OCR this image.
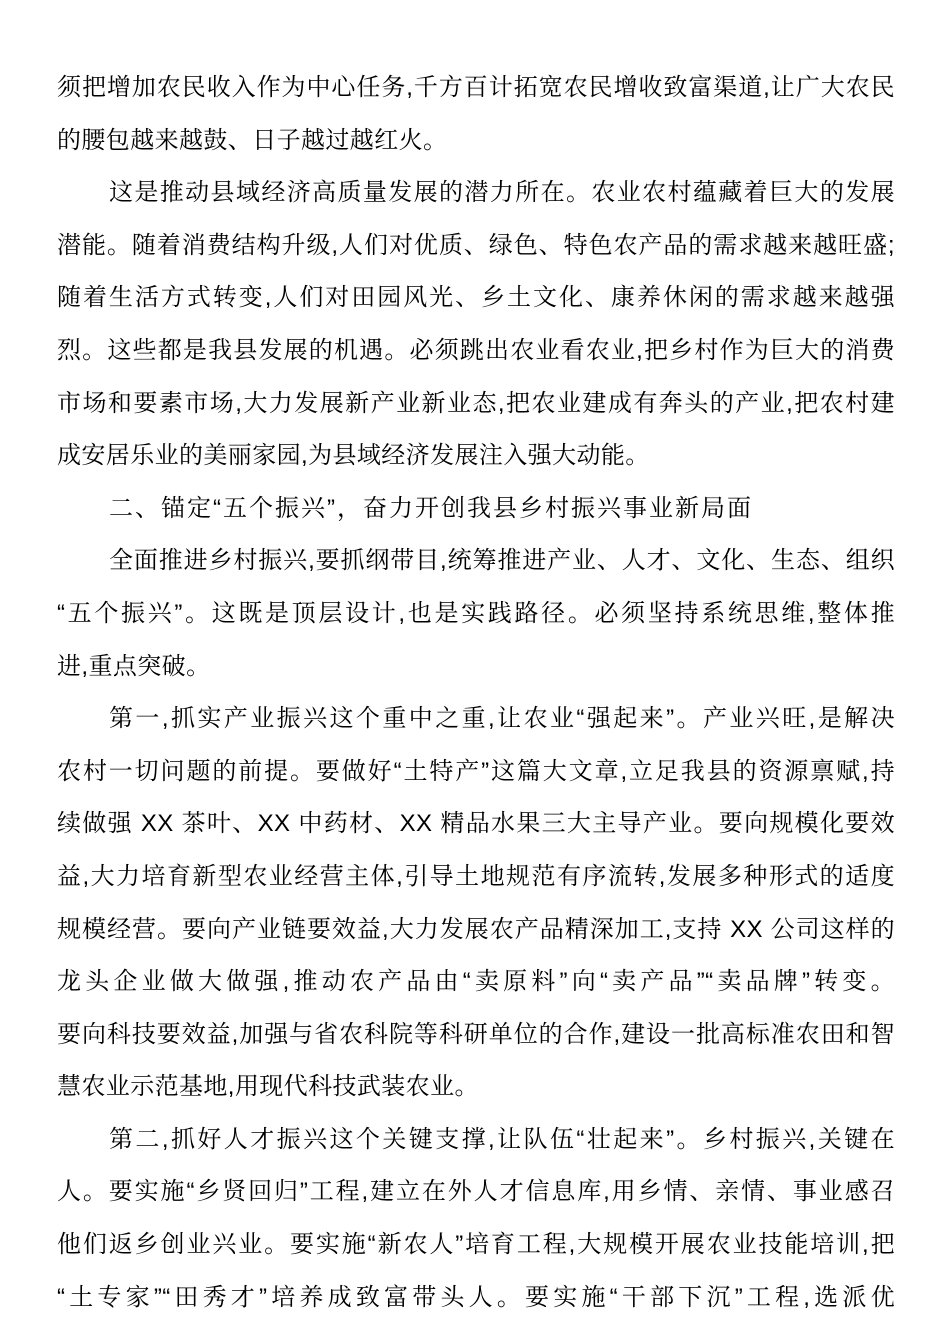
须把增加农民收入作为中心任务,千方百计拓宽农民增收致富渠道,让广大农民
的腰包越来越鼓、日子越过越红火。
这是推动县域经济高质量发展的潜力所在。农业农村蕴藏着巨大的发展
潜能。随着消费结构升级,人们对优质、绿色、特色农产品的需求越来越旺盛;
随着生活方式转变,人们对田园风光、乡土文化、康养休闲的需求越来越强
烈。这些都是我县发展的机遇。必须跳出农业看农业,把乡村作为巨大的消费
市场和要素市场,大力发展新产业新业态,把农业建成有奔头的产业,把农村建
成安居乐业的美丽家园,为县域经济发展注入强大动能。
二、锚定“五个振兴”，奋力开创我县乡村振兴事业新局面
全面推进乡村振兴,要抓纲带目,统筹推进产业、人才、文化、生态、组织
“五个振兴”。这既是顶层设计,也是实践路径。必须坚持系统思维,整体推
进,重点突破。
第一,抓实产业振兴这个重中之重,让农业“强起来”。产业兴旺,是解决
农村一切问题的前提。要做好“土特产”这篇大文章,立足我县的资源禀赋,持
续做强 XX 茶叶、XX 中药材、XX 精品水果三大主导产业。要向规模化要效
益,大力培育新型农业经营主体,引导土地规范有序流转,发展多种形式的适度
规模经营。要向产业链要效益,大力发展农产品精深加工,支持 XX 公司这样的
龙头企业做大做强,推动农产品由“卖原料”向“卖产品”“卖品牌”转变。
要向科技要效益,加强与省农科院等科研单位的合作,建设一批高标准农田和智
慧农业示范基地,用现代科技武装农业。
第二,抓好人才振兴这个关键支撑,让队伍“壮起来”。乡村振兴,关键在
人。要实施“乡贤回归”工程,建立在外人才信息库,用乡情、亲情、事业感召
他们返乡创业兴业。要实施“新农人”培育工程,大规模开展农业技能培训,把
“土专家”“田秀才”培养成致富带头人。要实施“干部下沉”工程,选派优
